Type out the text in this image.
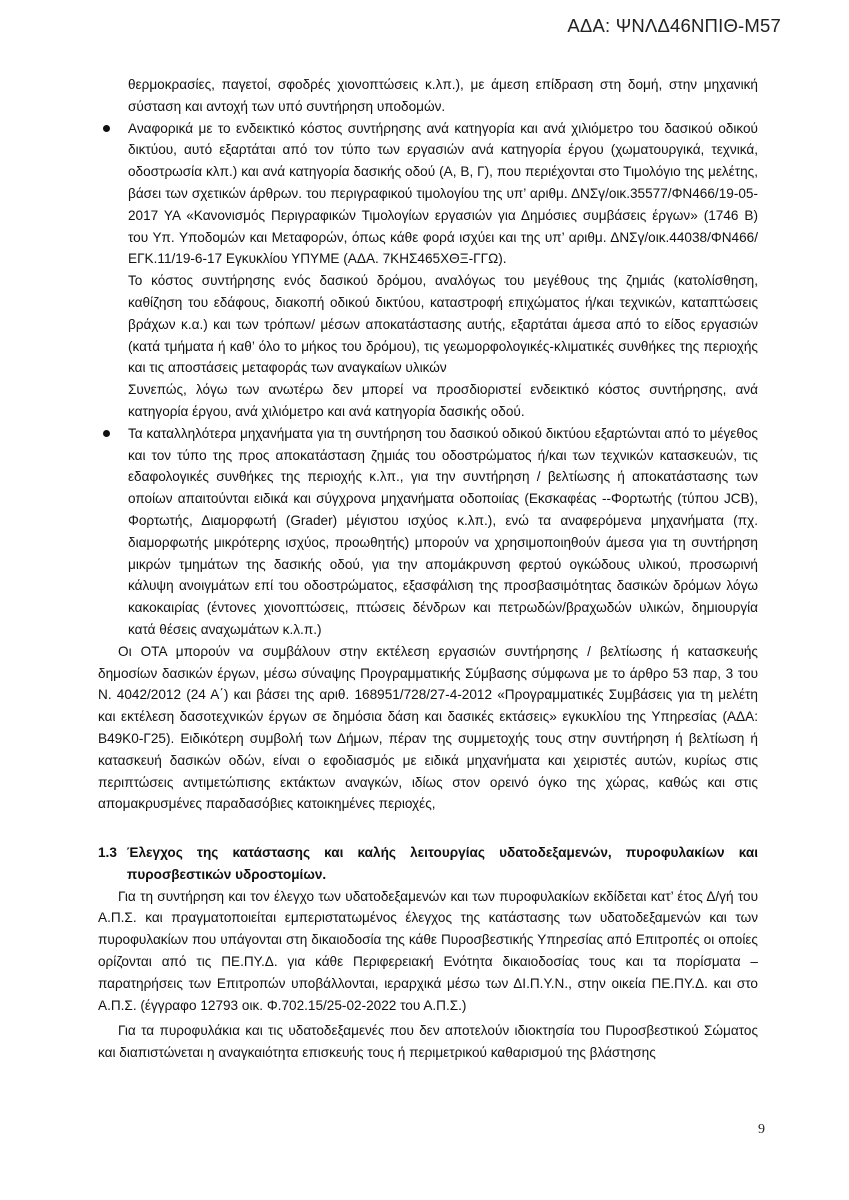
ΑΔΑ: ΨΝΛΔ46ΝΠΙΘ-Μ57

θερμοκρασίες, παγετοί, σφοδρές χιονοπτώσεις κ.λπ.), με άμεση επίδραση στη δομή, στην μηχανική σύσταση και αντοχή των υπό συντήρηση υποδομών.

Αναφορικά με το ενδεικτικό κόστος συντήρησης ανά κατηγορία και ανά χιλιόμετρο του δασικού οδικού δικτύου, αυτό εξαρτάται από τον τύπο των εργασιών ανά κατηγορία έργου (χωματουργικά, τεχνικά, οδοστρωσία κλπ.) και ανά κατηγορία δασικής οδού (Α, Β, Γ), που περιέχονται στο Τιμολόγιο της μελέτης, βάσει των σχετικών άρθρων. του περιγραφικού τιμολογίου της υπ’ αριθμ. ΔΝΣγ/οικ.35577/ΦΝ466/19-05-2017 ΥΑ «Κανονισμός Περιγραφικών Τιμολογίων εργασιών για Δημόσιες συμβάσεις έργων» (1746 Β) του Υπ. Υποδομών και Μεταφορών, όπως κάθε φορά ισχύει και της υπ’ αριθμ. ΔΝΣγ/οικ.44038/ΦΝ466/ΕΓΚ.11/19-6-17 Εγκυκλίου ΥΠΥΜΕ (ΑΔΑ. 7ΚΗΣ465ΧΘΞ-ΓΓΩ).

Το κόστος συντήρησης ενός δασικού δρόμου, αναλόγως του μεγέθους της ζημιάς (κατολίσθηση, καθίζηση του εδάφους, διακοπή οδικού δικτύου, καταστροφή επιχώματος ή/και τεχνικών, καταπτώσεις βράχων κ.α.) και των τρόπων/ μέσων αποκατάστασης αυτής, εξαρτάται άμεσα από το είδος εργασιών (κατά τμήματα ή καθ’ όλο το μήκος του δρόμου), τις γεωμορφολογικές-κλιματικές συνθήκες της περιοχής και τις αποστάσεις μεταφοράς των αναγκαίων υλικών

Συνεπώς, λόγω των ανωτέρω δεν μπορεί να προσδιοριστεί ενδεικτικό κόστος συντήρησης, ανά κατηγορία έργου, ανά χιλιόμετρο και ανά κατηγορία δασικής οδού.

Τα καταλληλότερα μηχανήματα για τη συντήρηση του δασικού οδικού δικτύου εξαρτώνται από το μέγεθος και τον τύπο της προς αποκατάσταση ζημιάς του οδοστρώματος ή/και των τεχνικών κατασκευών, τις εδαφολογικές συνθήκες της περιοχής κ.λπ., για την συντήρηση / βελτίωσης ή αποκατάστασης των οποίων απαιτούνται ειδικά και σύγχρονα μηχανήματα οδοποιίας (Εκσκαφέας --Φορτωτής (τύπου JCB), Φορτωτής, Διαμορφωτή (Grader) μέγιστου ισχύος κ.λπ.), ενώ τα αναφερόμενα μηχανήματα (πχ. διαμορφωτής μικρότερης ισχύος, προωθητής) μπορούν να χρησιμοποιηθούν άμεσα για τη συντήρηση μικρών τμημάτων της δασικής οδού, για την απομάκρυνση φερτού ογκώδους υλικού, προσωρινή κάλυψη ανοιγμάτων επί του οδοστρώματος, εξασφάλιση της προσβασιμότητας δασικών δρόμων λόγω κακοκαιρίας (έντονες χιονοπτώσεις, πτώσεις δένδρων και πετρωδών/βραχωδών υλικών, δημιουργία κατά θέσεις αναχωμάτων κ.λ.π.)

Οι ΟΤΑ μπορούν να συμβάλουν στην εκτέλεση εργασιών συντήρησης / βελτίωσης ή κατασκευής δημοσίων δασικών έργων, μέσω σύναψης Προγραμματικής Σύμβασης σύμφωνα με το άρθρο 53 παρ, 3 του Ν. 4042/2012 (24 Α΄) και βάσει της αριθ. 168951/728/27-4-2012 «Προγραμματικές Συμβάσεις για τη μελέτη και εκτέλεση δασοτεχνικών έργων σε δημόσια δάση και δασικές εκτάσεις» εγκυκλίου της Υπηρεσίας (ΑΔΑ: Β49Κ0-Γ25). Ειδικότερη συμβολή των Δήμων, πέραν της συμμετοχής τους στην συντήρηση ή βελτίωση ή κατασκευή δασικών οδών, είναι ο εφοδιασμός με ειδικά μηχανήματα και χειριστές αυτών, κυρίως στις περιπτώσεις αντιμετώπισης εκτάκτων αναγκών, ιδίως στον ορεινό όγκο της χώρας, καθώς και στις απομακρυσμένες παραδασόβιες κατοικημένες περιοχές,

1.3 Έλεγχος της κατάστασης και καλής λειτουργίας υδατοδεξαμενών, πυροφυλακίων και πυροσβεστικών υδροστομίων.

Για τη συντήρηση και τον έλεγχο των υδατοδεξαμενών και των πυροφυλακίων εκδίδεται κατ’ έτος Δ/γή του Α.Π.Σ. και πραγματοποιείται εμπεριστατωμένος έλεγχος της κατάστασης των υδατοδεξαμενών και των πυροφυλακίων που υπάγονται στη δικαιοδοσία της κάθε Πυροσβεστικής Υπηρεσίας από Επιτροπές οι οποίες ορίζονται από τις ΠΕ.ΠΥ.Δ. για κάθε Περιφερειακή Ενότητα δικαιοδοσίας τους και τα πορίσματα – παρατηρήσεις των Επιτροπών υποβάλλονται, ιεραρχικά μέσω των ΔΙ.Π.Υ.Ν., στην οικεία ΠΕ.ΠΥ.Δ. και στο Α.Π.Σ. (έγγραφο 12793 οικ. Φ.702.15/25-02-2022 του Α.Π.Σ.)

Για τα πυροφυλάκια και τις υδατοδεξαμενές που δεν αποτελούν ιδιοκτησία του Πυροσβεστικού Σώματος και διαπιστώνεται η αναγκαιότητα επισκευής τους ή περιμετρικού καθαρισμού της βλάστησης

9
